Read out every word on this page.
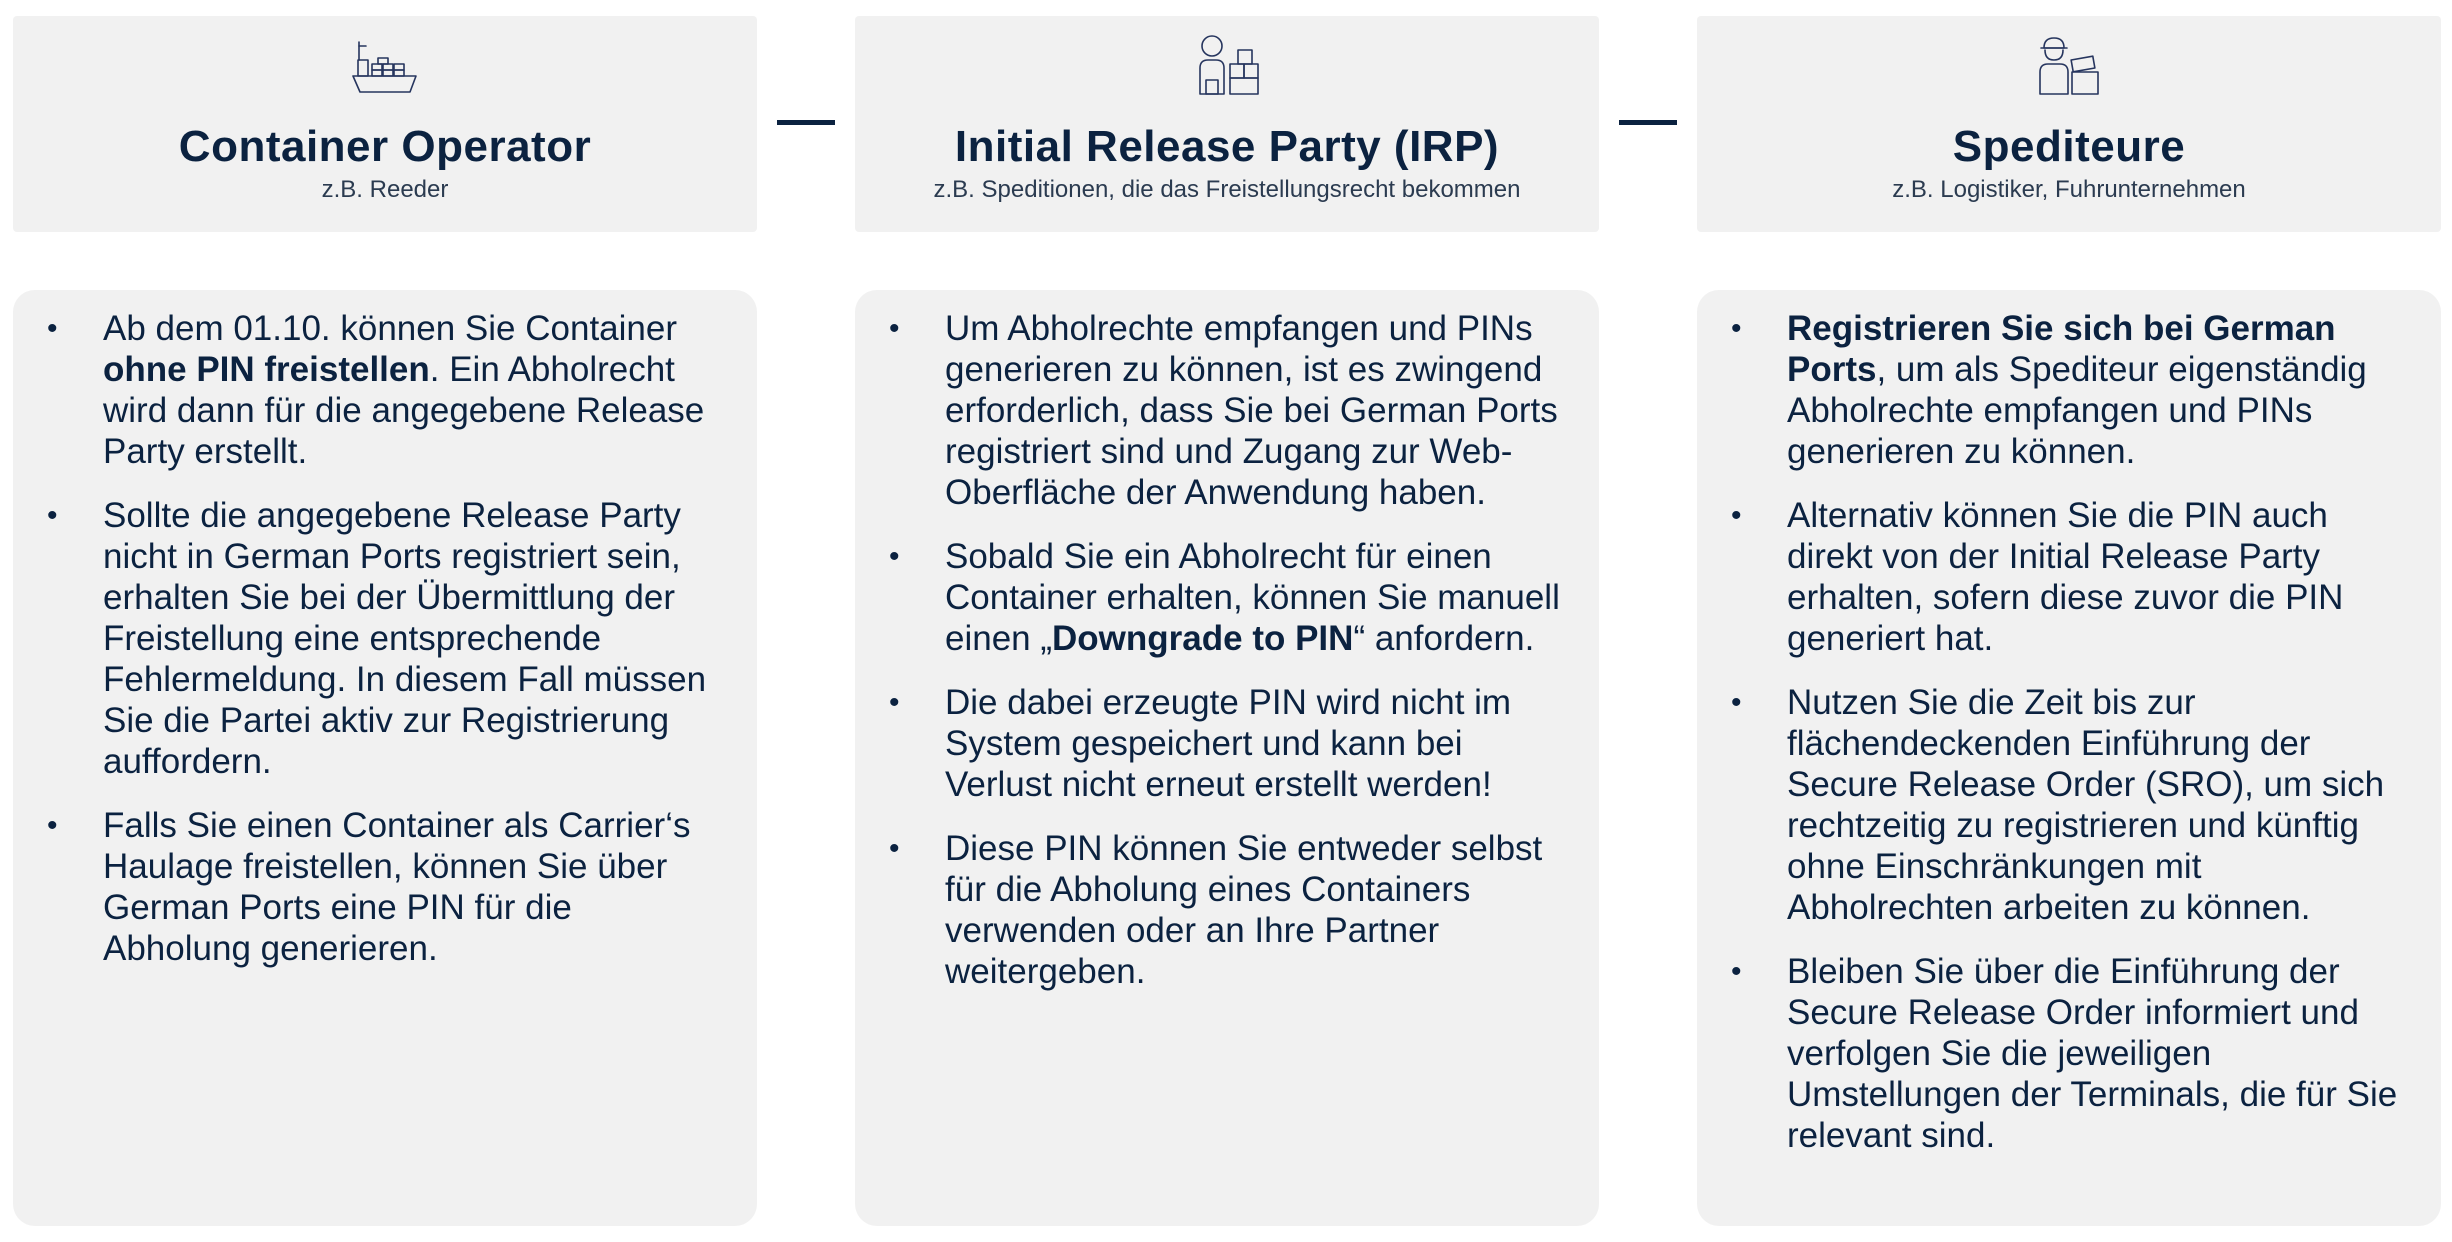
Container Operator
z.B. Reeder
Initial Release Party (IRP)
z.B. Speditionen, die das Freistellungsrecht bekommen
Spediteure
z.B. Logistiker, Fuhrunternehmen
• Ab dem 01.10. können Sie Container ohne PIN freistellen. Ein Abholrecht wird dann für die angegebene Release Party erstellt.
• Sollte die angegebene Release Party nicht in German Ports registriert sein, erhalten Sie bei der Übermittlung der Freistellung eine entsprechende Fehlermeldung. In diesem Fall müssen Sie die Partei aktiv zur Registrierung auffordern.
• Falls Sie einen Container als Carrier‘s Haulage freistellen, können Sie über German Ports eine PIN für die Abholung generieren.
• Um Abholrechte empfangen und PINs generieren zu können, ist es zwingend erforderlich, dass Sie bei German Ports registriert sind und Zugang zur Web-Oberfläche der Anwendung haben.
• Sobald Sie ein Abholrecht für einen Container erhalten, können Sie manuell einen „Downgrade to PIN“ anfordern.
• Die dabei erzeugte PIN wird nicht im System gespeichert und kann bei Verlust nicht erneut erstellt werden!
• Diese PIN können Sie entweder selbst für die Abholung eines Containers verwenden oder an Ihre Partner weitergeben.
• Registrieren Sie sich bei German Ports, um als Spediteur eigenständig Abholrechte empfangen und PINs generieren zu können.
• Alternativ können Sie die PIN auch direkt von der Initial Release Party erhalten, sofern diese zuvor die PIN generiert hat.
• Nutzen Sie die Zeit bis zur flächendeckenden Einführung der Secure Release Order (SRO), um sich rechtzeitig zu registrieren und künftig ohne Einschränkungen mit Abholrechten arbeiten zu können.
• Bleiben Sie über die Einführung der Secure Release Order informiert und verfolgen Sie die jeweiligen Umstellungen der Terminals, die für Sie relevant sind.
